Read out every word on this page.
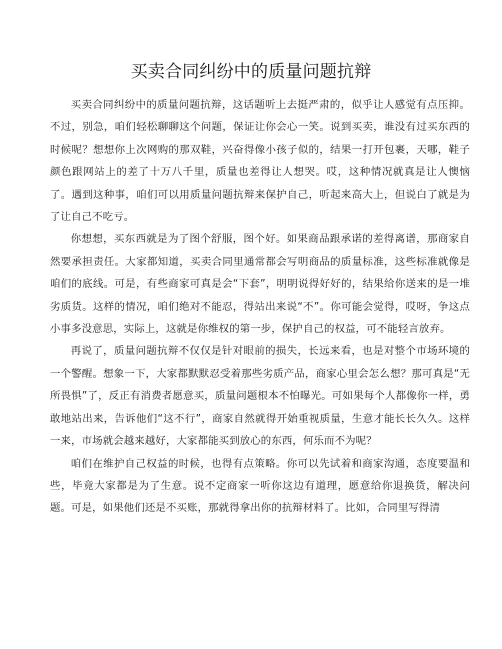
买卖合同纠纷中的质量问题抗辩

买卖合同纠纷中的质量问题抗辩，这话题听上去挺严肃的，似乎让人感觉有点压抑。不过，别急，咱们轻松聊聊这个问题，保证让你会心一笑。说到买卖，谁没有过买东西的时候呢？想想你上次网购的那双鞋，兴奋得像小孩子似的，结果一打开包裹，天哪，鞋子颜色跟网站上的差了十万八千里，质量也差得让人想哭。哎，这种情况就真是让人懊恼了。遇到这种事，咱们可以用质量问题抗辩来保护自己，听起来高大上，但说白了就是为了让自己不吃亏。

你想想，买东西就是为了图个舒服，图个好。如果商品跟承诺的差得离谱，那商家自然要承担责任。大家都知道，买卖合同里通常都会写明商品的质量标准，这些标准就像是咱们的底线。可是，有些商家可真是会“下套”，明明说得好好的，结果给你送来的是一堆劣质货。这样的情况，咱们绝对不能忍，得站出来说“不”。你可能会觉得，哎呀，争这点小事多没意思，实际上，这就是你维权的第一步，保护自己的权益，可不能轻言放弃。

再说了，质量问题抗辩不仅仅是针对眼前的损失，长远来看，也是对整个市场环境的一个警醒。想象一下，大家都默默忍受着那些劣质产品，商家心里会怎么想？那可真是“无所畏惧”了，反正有消费者愿意买，质量问题根本不怕曝光。可如果每个人都像你一样，勇敢地站出来，告诉他们“这不行”，商家自然就得开始重视质量，生意才能长长久久。这样一来，市场就会越来越好，大家都能买到放心的东西，何乐而不为呢？

咱们在维护自己权益的时候，也得有点策略。你可以先试着和商家沟通，态度要温和些，毕竟大家都是为了生意。说不定商家一听你这边有道理，愿意给你退换货，解决问题。可是，如果他们还是不买账，那就得拿出你的抗辩材料了。比如，合同里写得清
